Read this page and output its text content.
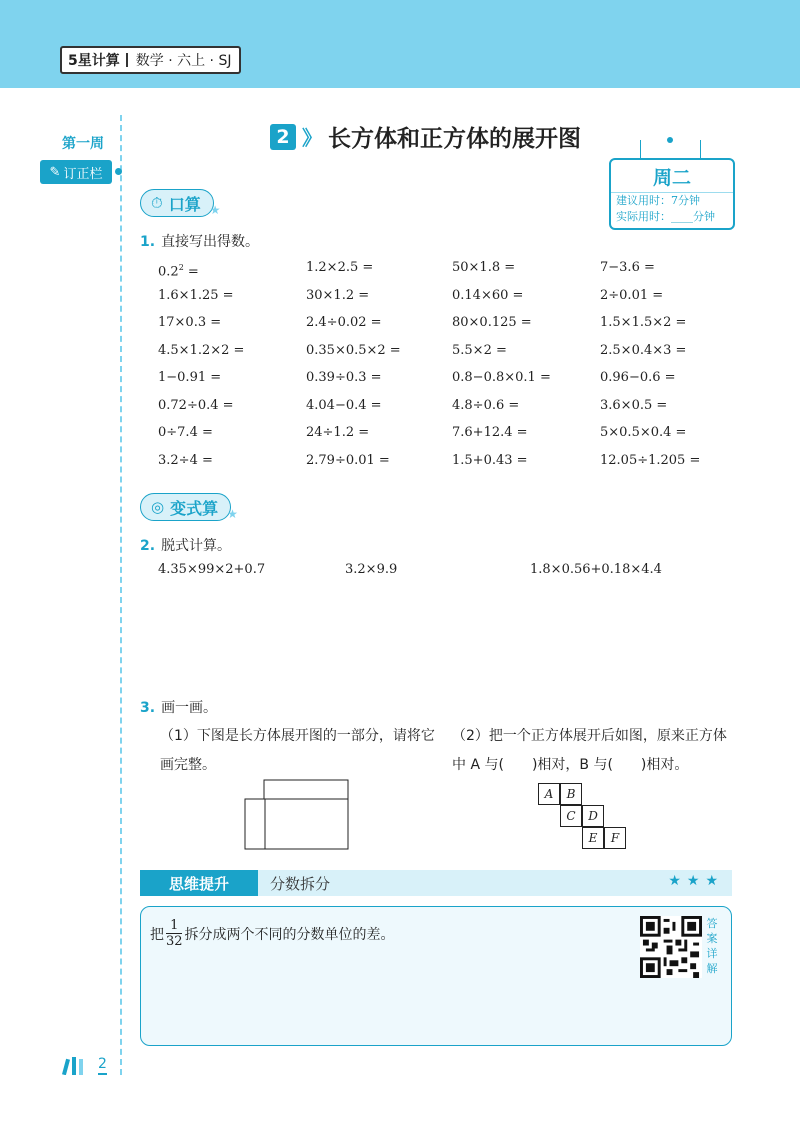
5星计算	数学 · 六上 · SJ
第一周
✎ 订正栏
2 》 长方体和正方体的展开图
周二
建议用时：7分钟
实际用时：____分钟
⏱ 口算 ★
1. 直接写出得数。
$0.2^2$ =	1.2×2.5 =	50×1.8 =	7−3.6 =
1.6×1.25 =	30×1.2 =	0.14×60 =	2÷0.01 =
17×0.3 =	2.4÷0.02 =	80×0.125 =	1.5×1.5×2 =
4.5×1.2×2 =	0.35×0.5×2 =	5.5×2 =	2.5×0.4×3 =
1−0.91 =	0.39÷0.3 =	0.8−0.8×0.1 =	0.96−0.6 =
0.72÷0.4 =	4.04−0.4 =	4.8÷0.6 =	3.6×0.5 =
0÷7.4 =	24÷1.2 =	7.6+12.4 =	5×0.5×0.4 =
3.2÷4 =	2.79÷0.01 =	1.5+0.43 =	12.05÷1.205 =
◎ 变式算 ★
2. 脱式计算。
4.35×99×2+0.7	3.2×9.9	1.8×0.56+0.18×4.4
3. 画一画。
（1）下图是长方体展开图的一部分，请将它画完整。
（2）把一个正方体展开后如图，原来正方体中 A 与(　　)相对，B 与(　　)相对。
A	B
C	D
E	F
思维提升	分数拆分	★★★
把 $\frac{1}{32}$ 拆分成两个不同的分数单位的差。
答案详解
2
